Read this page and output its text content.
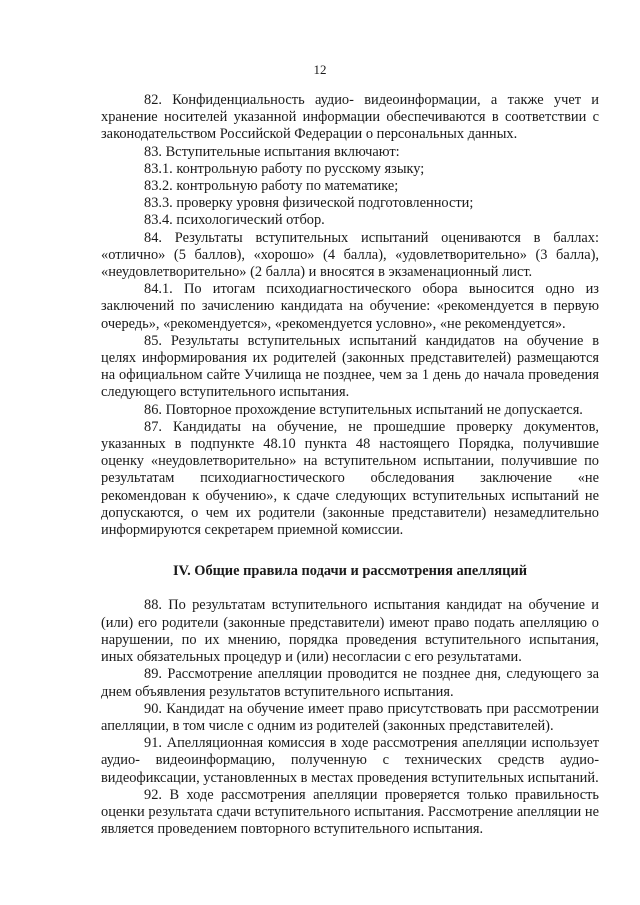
12

82. Конфиденциальность аудио- видеоинформации, а также учет и хранение носителей указанной информации обеспечиваются в соответствии с законодательством Российской Федерации о персональных данных.

83. Вступительные испытания включают:

83.1. контрольную работу по русскому языку;

83.2. контрольную работу по математике;

83.3. проверку уровня физической подготовленности;

83.4. психологический отбор.

84. Результаты вступительных испытаний оцениваются в баллах: «отлично» (5 баллов), «хорошо» (4 балла), «удовлетворительно» (3 балла), «неудовлетворительно» (2 балла) и вносятся в экзаменационный лист.

84.1. По итогам психодиагностического обора выносится одно из заключений по зачислению кандидата на обучение: «рекомендуется в первую очередь», «рекомендуется», «рекомендуется условно», «не рекомендуется».

85. Результаты вступительных испытаний кандидатов на обучение в целях информирования их родителей (законных представителей) размещаются на официальном сайте Училища не позднее, чем за 1 день до начала проведения следующего вступительного испытания.

86. Повторное прохождение вступительных испытаний не допускается.

87. Кандидаты на обучение, не прошедшие проверку документов, указанных в подпункте 48.10 пункта 48 настоящего Порядка, получившие оценку «неудовлетворительно» на вступительном испытании, получившие по результатам психодиагностического обследования заключение «не рекомендован к обучению», к сдаче следующих вступительных испытаний не допускаются, о чем их родители (законные представители) незамедлительно информируются секретарем приемной комиссии.

IV. Общие правила подачи и рассмотрения апелляций

88. По результатам вступительного испытания кандидат на обучение и (или) его родители (законные представители) имеют право подать апелляцию о нарушении, по их мнению, порядка проведения вступительного испытания, иных обязательных процедур и (или) несогласии с его результатами.

89. Рассмотрение апелляции проводится не позднее дня, следующего за днем объявления результатов вступительного испытания.

90. Кандидат на обучение имеет право присутствовать при рассмотрении апелляции, в том числе с одним из родителей (законных представителей).

91. Апелляционная комиссия в ходе рассмотрения апелляции использует аудио- видеоинформацию, полученную с технических средств аудио-видеофиксации, установленных в местах проведения вступительных испытаний.

92. В ходе рассмотрения апелляции проверяется только правильность оценки результата сдачи вступительного испытания. Рассмотрение апелляции не является проведением повторного вступительного испытания.
